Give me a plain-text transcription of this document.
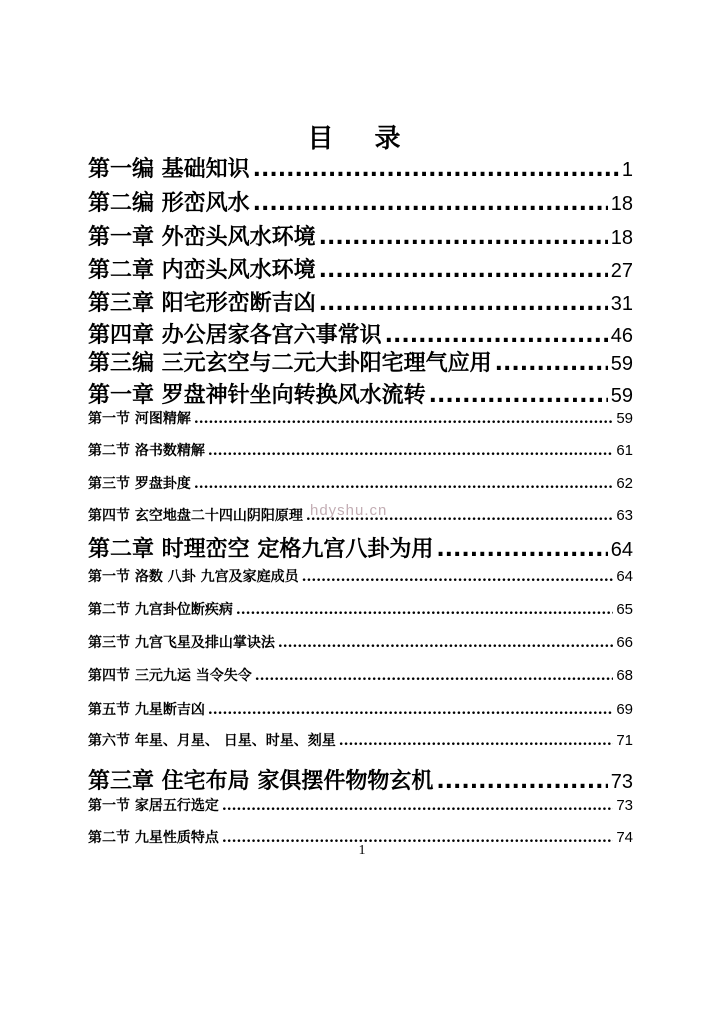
目 录
第一编 基础知识 .....	1
第二编 形峦风水 .....	18
第一章 外峦头风水环境 .....	18
第二章 内峦头风水环境 .....	27
第三章 阳宅形峦断吉凶 .....	31
第四章 办公居家各宫六事常识 .....	46
第三编 三元玄空与二元大卦阳宅理气应用 .....	59
第一章 罗盘神针坐向转换风水流转 .....	59
第一节 河图精解 .....	59
第二节 洛书数精解 .....	61
第三节 罗盘卦度 .....	62
第四节 玄空地盘二十四山阴阳原理 .....	63
第二章 时理峦空 定格九宫八卦为用 .....	64
第一节 洛数 八卦 九宫及家庭成员 .....	64
第二节 九宫卦位断疾病 .....	65
第三节 九宫飞星及排山掌诀法 .....	66
第四节 三元九运 当令失令 .....	68
第五节 九星断吉凶 .....	69
第六节 年星、月星、 日星、时星、刻星 .....	71
第三章 住宅布局 家俱摆件物物玄机 .....	73
第一节 家居五行选定 .....	73
第二节 九星性质特点 .....	74
hdyshu.cn
1
